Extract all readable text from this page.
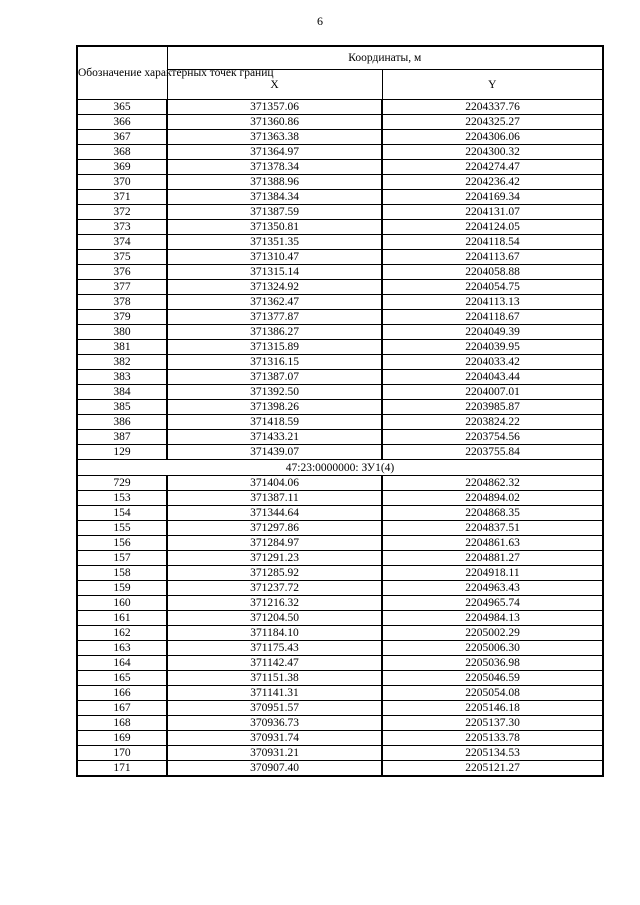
6
Обозначение характерных точек границ	Координаты, м	
	X	Y
365	371357.06	2204337.76
366	371360.86	2204325.27
367	371363.38	2204306.06
368	371364.97	2204300.32
369	371378.34	2204274.47
370	371388.96	2204236.42
371	371384.34	2204169.34
372	371387.59	2204131.07
373	371350.81	2204124.05
374	371351.35	2204118.54
375	371310.47	2204113.67
376	371315.14	2204058.88
377	371324.92	2204054.75
378	371362.47	2204113.13
379	371377.87	2204118.67
380	371386.27	2204049.39
381	371315.89	2204039.95
382	371316.15	2204033.42
383	371387.07	2204043.44
384	371392.50	2204007.01
385	371398.26	2203985.87
386	371418.59	2203824.22
387	371433.21	2203754.56
129	371439.07	2203755.84
47:23:0000000: ЗУ1(4)		
729	371404.06	2204862.32
153	371387.11	2204894.02
154	371344.64	2204868.35
155	371297.86	2204837.51
156	371284.97	2204861.63
157	371291.23	2204881.27
158	371285.92	2204918.11
159	371237.72	2204963.43
160	371216.32	2204965.74
161	371204.50	2204984.13
162	371184.10	2205002.29
163	371175.43	2205006.30
164	371142.47	2205036.98
165	371151.38	2205046.59
166	371141.31	2205054.08
167	370951.57	2205146.18
168	370936.73	2205137.30
169	370931.74	2205133.78
170	370931.21	2205134.53
171	370907.40	2205121.27
